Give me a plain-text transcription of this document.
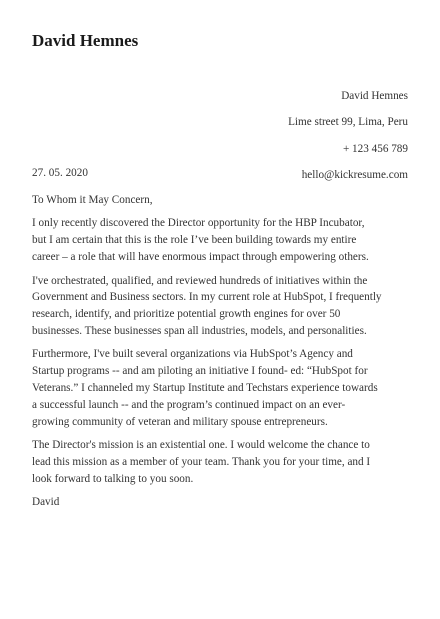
David Hemnes
David Hemnes
Lime street 99, Lima, Peru
+ 123 456 789
hello@kickresume.com
27. 05. 2020

To Whom it May Concern,

I only recently discovered the Director opportunity for the HBP Incubator,
but I am certain that this is the role I’ve been building towards my entire
career – a role that will have enormous impact through empowering others.

I've orchestrated, qualified, and reviewed hundreds of initiatives within the
Government and Business sectors. In my current role at HubSpot, I frequently
research, identify, and prioritize potential growth engines for over 50
businesses. These businesses span all industries, models, and personalities.

Furthermore, I've built several organizations via HubSpot’s Agency and
Startup programs -- and am piloting an initiative I found- ed: “HubSpot for
Veterans.” I channeled my Startup Institute and Techstars experience towards
a successful launch -- and the program’s continued impact on an ever-
growing community of veteran and military spouse entrepreneurs.

The Director's mission is an existential one. I would welcome the chance to
lead this mission as a member of your team. Thank you for your time, and I
look forward to talking to you soon.

David
